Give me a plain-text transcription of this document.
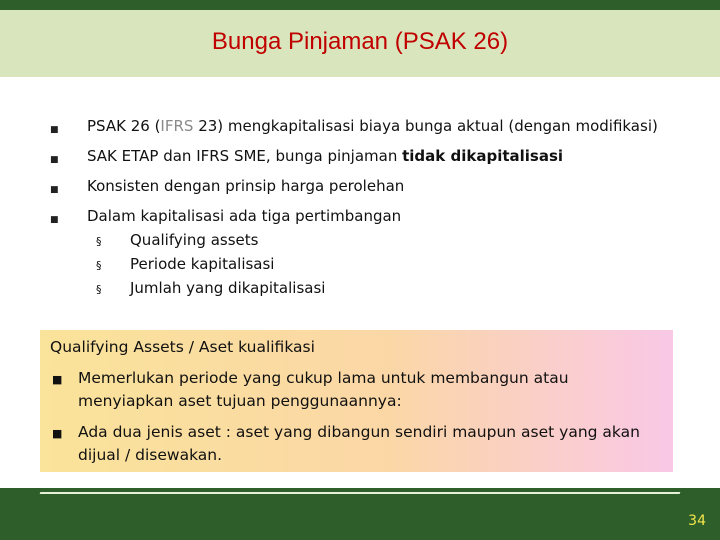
Bunga Pinjaman (PSAK 26)
■ PSAK 26 (IFRS 23) mengkapitalisasi biaya bunga aktual (dengan modifikasi)
■ SAK ETAP dan IFRS SME, bunga pinjaman tidak dikapitalisasi
■ Konsisten dengan prinsip harga perolehan
■ Dalam kapitalisasi ada tiga pertimbangan
§ Qualifying assets
§ Periode kapitalisasi
§ Jumlah yang dikapitalisasi
Qualifying Assets / Aset kualifikasi
■ Memerlukan periode yang cukup lama untuk membangun atau menyiapkan aset tujuan penggunaannya:
■ Ada dua jenis aset : aset yang dibangun sendiri maupun aset yang akan dijual / disewakan.
34
